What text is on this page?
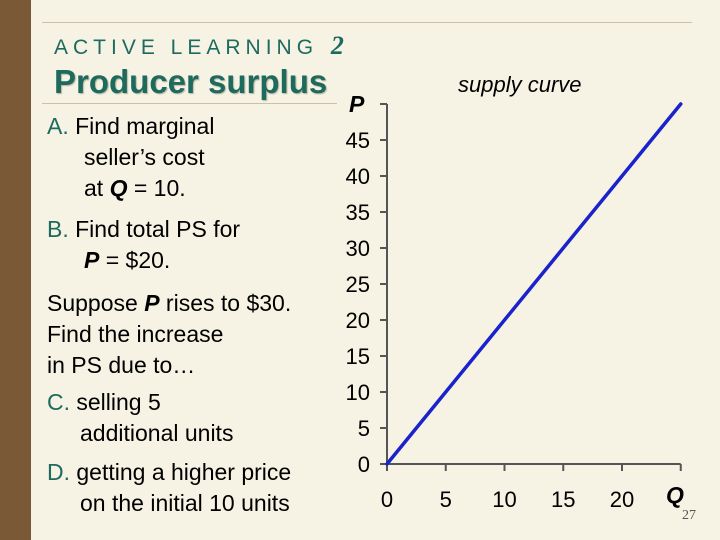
ACTIVE LEARNING 2
Producer surplus
A. Find marginal
seller’s cost
at Q = 10.
B. Find total PS for
P = $20.
Suppose P rises to $30.
Find the increase
in PS due to…
C. selling 5
additional units
D. getting a higher price
on the initial 10 units	0 5 10 15 20
0
5
10
15
20
25
30
35
40
45
P
Q
supply curve
27
